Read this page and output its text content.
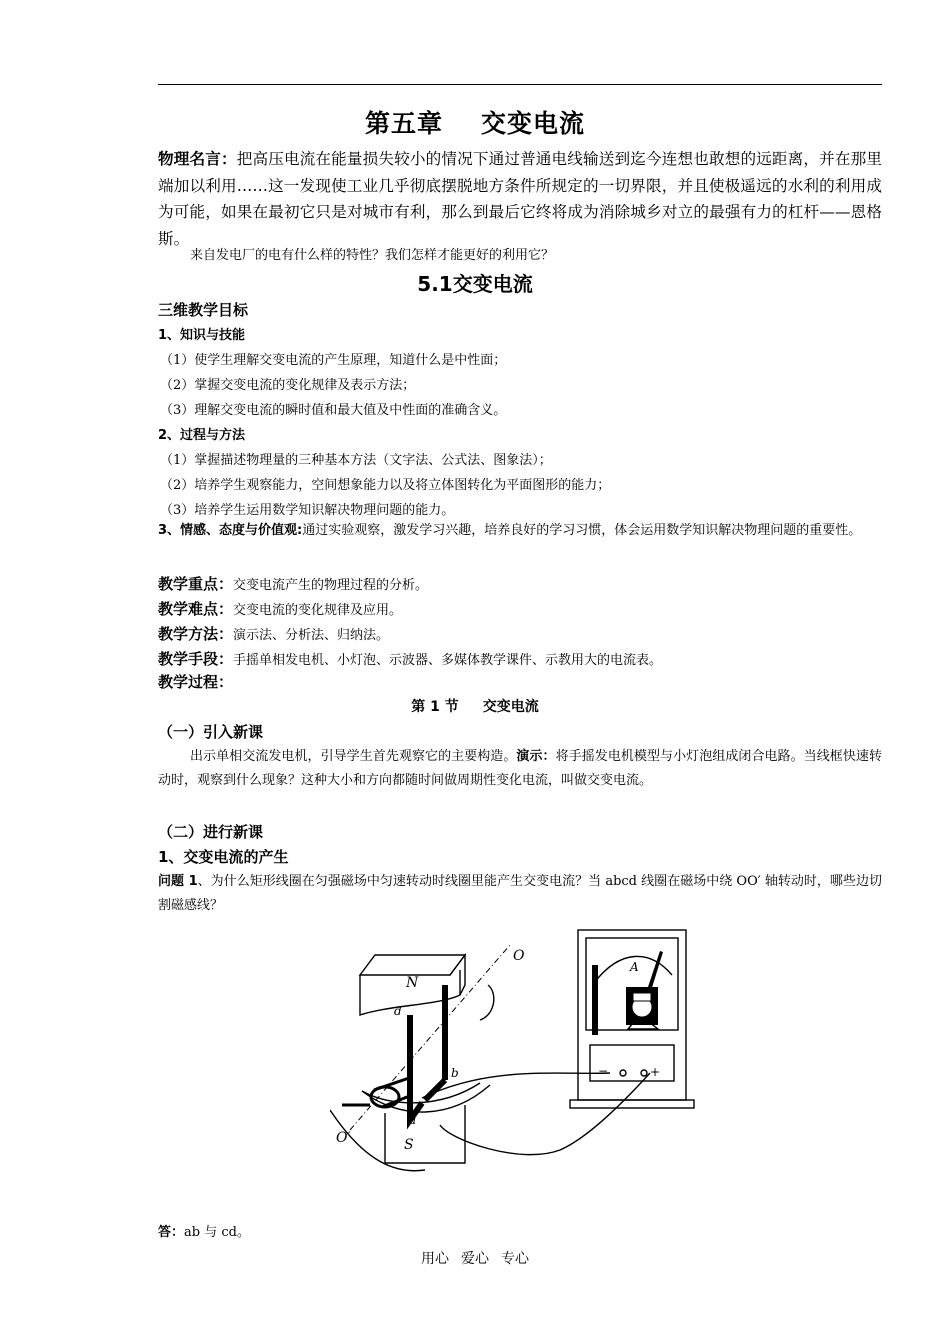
第五章 交变电流
物理名言：把高压电流在能量损失较小的情况下通过普通电线输送到迄今连想也敢想的远距离，并在那里端加以利用……这一发现使工业几乎彻底摆脱地方条件所规定的一切界限，并且使极遥远的水利的利用成为可能，如果在最初它只是对城市有利，那么到最后它终将成为消除城乡对立的最强有力的杠杆——恩格斯。
来自发电厂的电有什么样的特性？我们怎样才能更好的利用它？
5.1交变电流
三维教学目标
1、知识与技能
（1）使学生理解交变电流的产生原理，知道什么是中性面；
（2）掌握交变电流的变化规律及表示方法；
（3）理解交变电流的瞬时值和最大值及中性面的准确含义。
2、过程与方法
（1）掌握描述物理量的三种基本方法（文字法、公式法、图象法）；
（2）培养学生观察能力，空间想象能力以及将立体图转化为平面图形的能力；
（3）培养学生运用数学知识解决物理问题的能力。
3、情感、态度与价值观:通过实验观察，激发学习兴趣，培养良好的学习习惯，体会运用数学知识解决物理问题的重要性。
教学重点：交变电流产生的物理过程的分析。
教学难点：交变电流的变化规律及应用。
教学方法：演示法、分析法、归纳法。
教学手段：手摇单相发电机、小灯泡、示波器、多媒体教学课件、示教用大的电流表。
教学过程：
第 1 节 交变电流
（一）引入新课
出示单相交流发电机，引导学生首先观察它的主要构造。演示：将手摇发电机模型与小灯泡组成闭合电路。当线框快速转动时，观察到什么现象？这种大小和方向都随时间做周期性变化电流，叫做交变电流。
（二）进行新课
1、交变电流的产生
问题 1、为什么矩形线圈在匀强磁场中匀速转动时线圈里能产生交变电流？当 abcd 线圈在磁场中绕 OO′ 轴转动时，哪些边切割磁感线？
N
S
O
O′
a
b
d
A
−	+
答：ab 与 cd。
用心 爱心 专心
